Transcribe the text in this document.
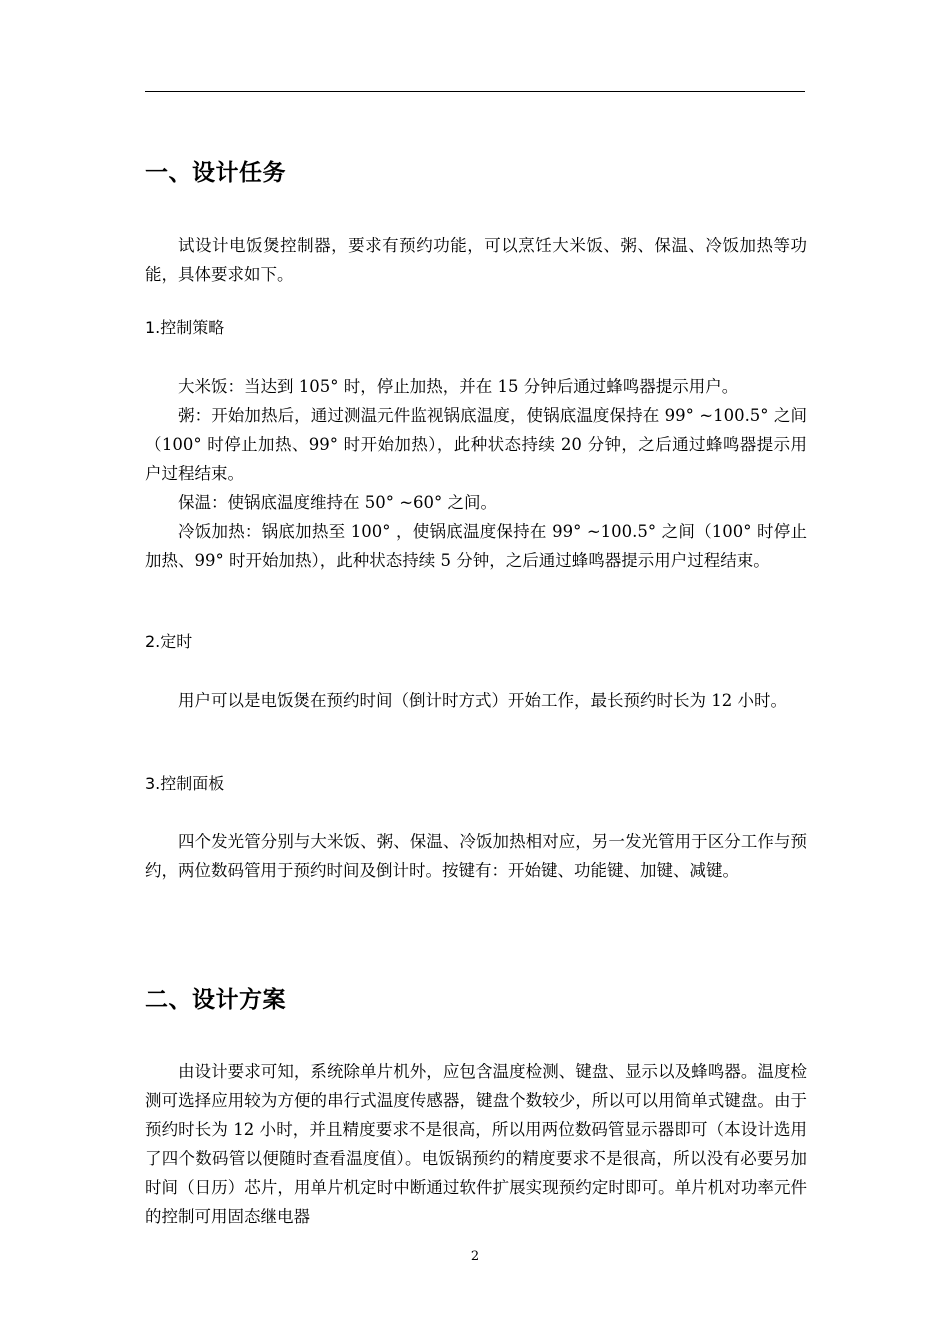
一、设计任务

试设计电饭煲控制器，要求有预约功能，可以烹饪大米饭、粥、保温、冷饭加热等功能，具体要求如下。

1.控制策略

大米饭：当达到 105° 时，停止加热，并在 15 分钟后通过蜂鸣器提示用户。

粥：开始加热后，通过测温元件监视锅底温度，使锅底温度保持在 99° ~100.5° 之间（100° 时停止加热、99° 时开始加热），此种状态持续 20 分钟，之后通过蜂鸣器提示用户过程结束。

保温：使锅底温度维持在 50° ~60° 之间。

冷饭加热：锅底加热至 100° ，使锅底温度保持在 99° ~100.5° 之间（100° 时停止加热、99° 时开始加热），此种状态持续 5 分钟，之后通过蜂鸣器提示用户过程结束。

2.定时

用户可以是电饭煲在预约时间（倒计时方式）开始工作，最长预约时长为 12 小时。

3.控制面板

四个发光管分别与大米饭、粥、保温、冷饭加热相对应，另一发光管用于区分工作与预约，两位数码管用于预约时间及倒计时。按键有：开始键、功能键、加键、减键。

二、设计方案

由设计要求可知，系统除单片机外，应包含温度检测、键盘、显示以及蜂鸣器。温度检测可选择应用较为方便的串行式温度传感器，键盘个数较少，所以可以用简单式键盘。由于预约时长为 12 小时，并且精度要求不是很高，所以用两位数码管显示器即可（本设计选用了四个数码管以便随时查看温度值）。电饭锅预约的精度要求不是很高，所以没有必要另加时间（日历）芯片，用单片机定时中断通过软件扩展实现预约定时即可。单片机对功率元件的控制可用固态继电器

2
